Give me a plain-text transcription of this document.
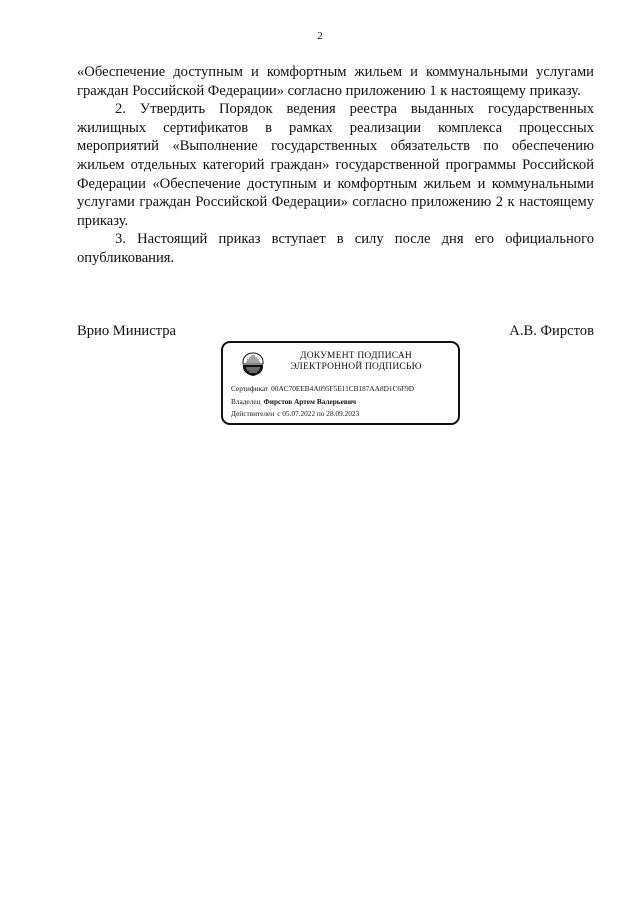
2

«Обеспечение доступным и комфортным жильем и коммунальными услугами граждан Российской Федерации» согласно приложению 1 к настоящему приказу.

2. Утвердить Порядок ведения реестра выданных государственных жилищных сертификатов в рамках реализации комплекса процессных мероприятий «Выполнение государственных обязательств по обеспечению жильем отдельных категорий граждан» государственной программы Российской Федерации «Обеспечение доступным и комфортным жильем и коммунальными услугами граждан Российской Федерации» согласно приложению 2 к настоящему приказу.

3. Настоящий приказ вступает в силу после дня его официального опубликования.

Врио Министра	А.В. Фирстов
ДОКУМЕНТ ПОДПИСАН
ЭЛЕКТРОННОЙ ПОДПИСЬЮ
Сертификат 00AC70EEB4A095F5E11CB187AA8D1C6F9D
Владелец Фирстов Артем Валерьевич
Действителен с 05.07.2022 по 28.09.2023
